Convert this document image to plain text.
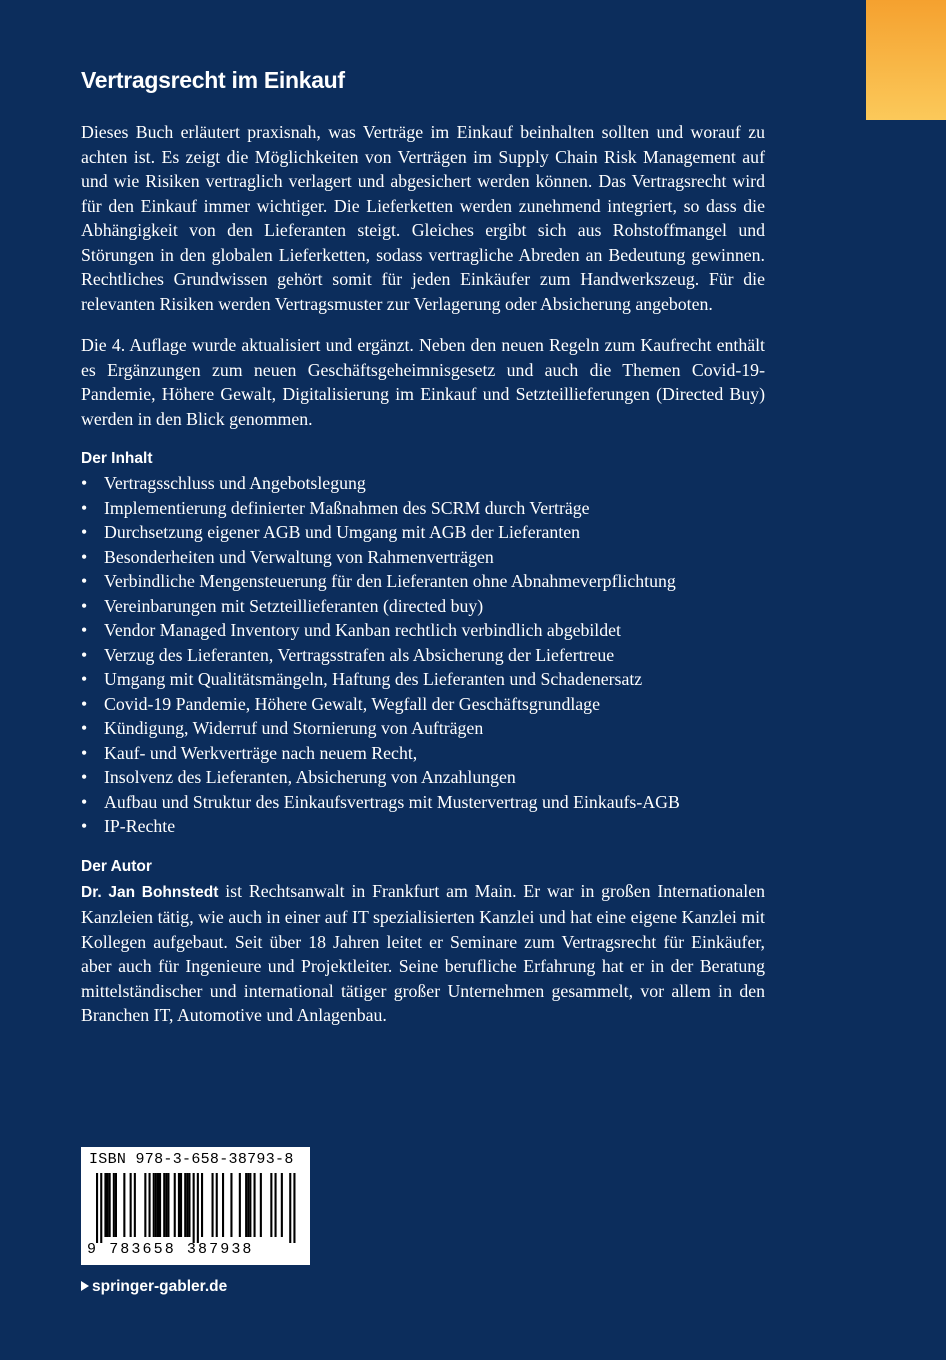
Vertragsrecht im Einkauf

Dieses Buch erläutert praxisnah, was Verträge im Einkauf beinhalten sollten und worauf zu achten ist. Es zeigt die Möglichkeiten von Verträgen im Supply Chain Risk Management auf und wie Risiken vertraglich verlagert und abgesichert werden können. Das Vertragsrecht wird für den Einkauf immer wichtiger. Die Lieferketten werden zunehmend integriert, so dass die Abhängigkeit von den Lieferanten steigt. Gleiches ergibt sich aus Rohstoffmangel und Störungen in den globalen Lieferketten, sodass vertragliche Abreden an Bedeutung gewinnen. Rechtliches Grundwissen gehört somit für jeden Einkäufer zum Handwerkszeug. Für die relevanten Risiken werden Vertragsmuster zur Verlagerung oder Absicherung angeboten.

Die 4. Auflage wurde aktualisiert und ergänzt. Neben den neuen Regeln zum Kaufrecht enthält es Ergänzungen zum neuen Geschäftsgeheimnisgesetz und auch die Themen Covid-19-Pandemie, Höhere Gewalt, Digitalisierung im Einkauf und Setzteillieferungen (Directed Buy) werden in den Blick genommen.

Der Inhalt
• Vertragsschluss und Angebotslegung
• Implementierung definierter Maßnahmen des SCRM durch Verträge
• Durchsetzung eigener AGB und Umgang mit AGB der Lieferanten
• Besonderheiten und Verwaltung von Rahmenverträgen
• Verbindliche Mengensteuerung für den Lieferanten ohne Abnahmeverpflichtung
• Vereinbarungen mit Setzteillieferanten (directed buy)
• Vendor Managed Inventory und Kanban rechtlich verbindlich abgebildet
• Verzug des Lieferanten, Vertragsstrafen als Absicherung der Liefertreue
• Umgang mit Qualitätsmängeln, Haftung des Lieferanten und Schadenersatz
• Covid-19 Pandemie, Höhere Gewalt, Wegfall der Geschäftsgrundlage
• Kündigung, Widerruf und Stornierung von Aufträgen
• Kauf- und Werkverträge nach neuem Recht,
• Insolvenz des Lieferanten, Absicherung von Anzahlungen
• Aufbau und Struktur des Einkaufsvertrags mit Mustervertrag und Einkaufs-AGB
• IP-Rechte
Der Autor

Dr. Jan Bohnstedt ist Rechtsanwalt in Frankfurt am Main. Er war in großen Internationalen Kanzleien tätig, wie auch in einer auf IT spezialisierten Kanzlei und hat eine eigene Kanzlei mit Kollegen aufgebaut. Seit über 18 Jahren leitet er Seminare zum Vertragsrecht für Einkäufer, aber auch für Ingenieure und Projektleiter. Seine berufliche Erfahrung hat er in der Beratung mittelständischer und international tätiger großer Unternehmen gesammelt, vor allem in den Branchen IT, Automotive und Anlagenbau.

ISBN 978-3-658-38793-8
9 783658 387938
springer-gabler.de
